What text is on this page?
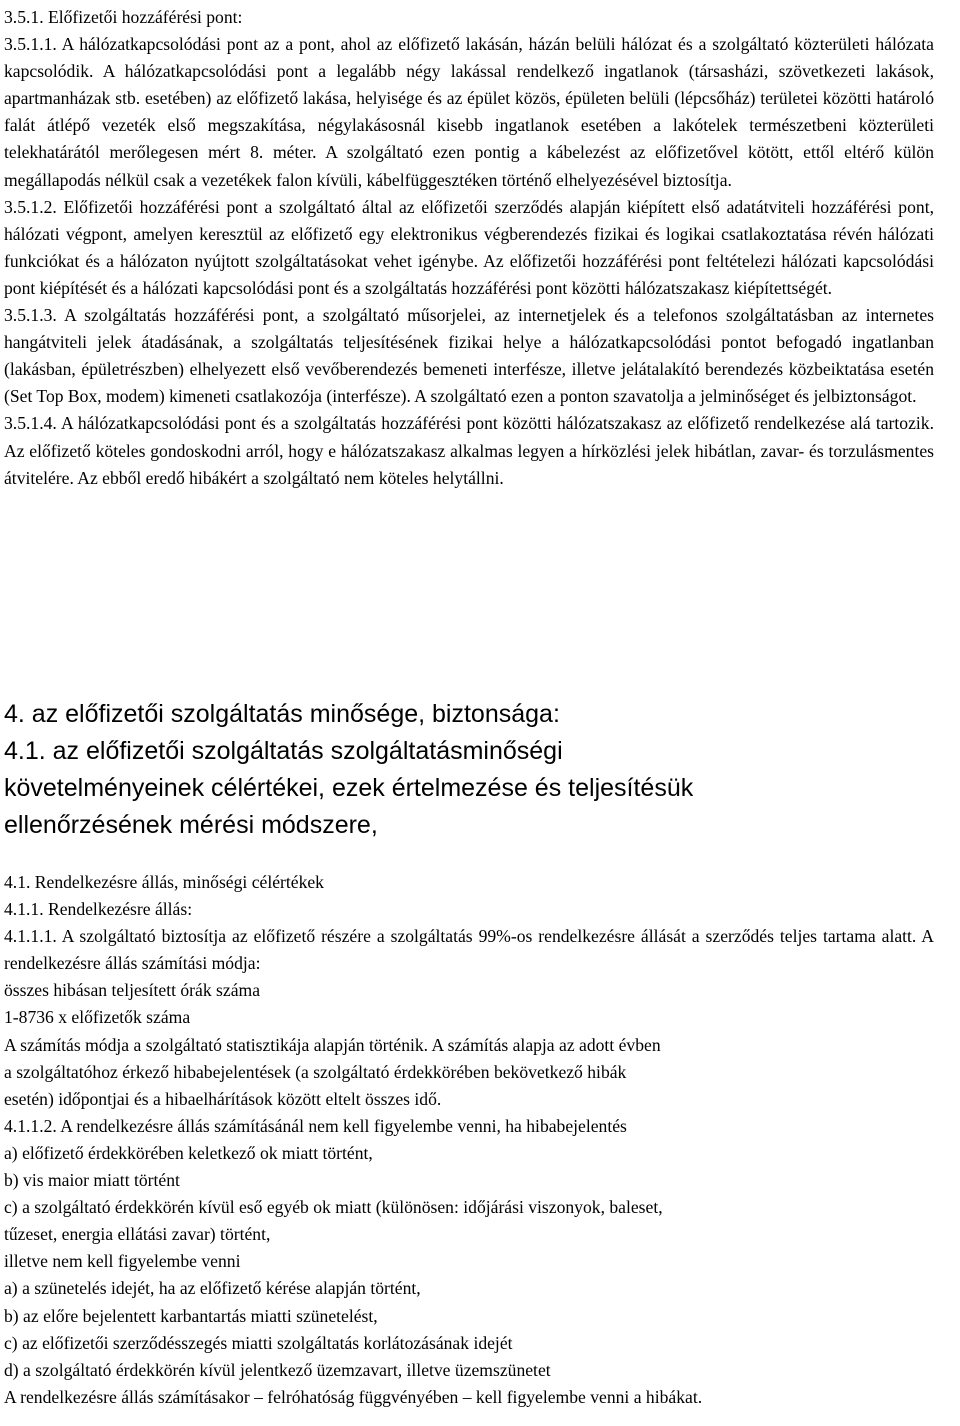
3.5.1. Előfizetői hozzáférési pont:

3.5.1.1. A hálózatkapcsolódási pont az a pont, ahol az előfizető lakásán, házán belüli hálózat és a szolgáltató közterületi hálózata kapcsolódik. A hálózatkapcsolódási pont a legalább négy lakással rendelkező ingatlanok (társasházi, szövetkezeti lakások, apartmanházak stb. esetében) az előfizető lakása, helyisége és az épület közös, épületen belüli (lépcsőház) területei közötti határoló falát átlépő vezeték első megszakítása, négylakásosnál kisebb ingatlanok esetében a lakótelek természetbeni közterületi telekhatárától merőlegesen mért 8. méter. A szolgáltató ezen pontig a kábelezést az előfizetővel kötött, ettől eltérő külön megállapodás nélkül csak a vezetékek falon kívüli, kábelfüggesztéken történő elhelyezésével biztosítja.

3.5.1.2. Előfizetői hozzáférési pont a szolgáltató által az előfizetői szerződés alapján kiépített első adatátviteli hozzáférési pont, hálózati végpont, amelyen keresztül az előfizető egy elektronikus végberendezés fizikai és logikai csatlakoztatása révén hálózati funkciókat és a hálózaton nyújtott szolgáltatásokat vehet igénybe. Az előfizetői hozzáférési pont feltételezi hálózati kapcsolódási pont kiépítését és a hálózati kapcsolódási pont és a szolgáltatás hozzáférési pont közötti hálózatszakasz kiépítettségét.

3.5.1.3. A szolgáltatás hozzáférési pont, a szolgáltató műsorjelei, az internetjelek és a telefonos szolgáltatásban az internetes hangátviteli jelek átadásának, a szolgáltatás teljesítésének fizikai helye a hálózatkapcsolódási pontot befogadó ingatlanban (lakásban, épületrészben) elhelyezett első vevőberendezés bemeneti interfésze, illetve jelátalakító berendezés közbeiktatása esetén (Set Top Box, modem) kimeneti csatlakozója (interfésze). A szolgáltató ezen a ponton szavatolja a jelminőséget és jelbiztonságot.

3.5.1.4. A hálózatkapcsolódási pont és a szolgáltatás hozzáférési pont közötti hálózatszakasz az előfizető rendelkezése alá tartozik. Az előfizető köteles gondoskodni arról, hogy e hálózatszakasz alkalmas legyen a hírközlési jelek hibátlan, zavar- és torzulásmentes átvitelére. Az ebből eredő hibákért a szolgáltató nem köteles helytállni.

4. az előfizetői szolgáltatás minősége, biztonsága:
4.1. az előfizetői szolgáltatás szolgáltatásminőségi
követelményeinek célértékei, ezek értelmezése és teljesítésük
ellenőrzésének mérési módszere,

4.1. Rendelkezésre állás, minőségi célértékek

4.1.1. Rendelkezésre állás:

4.1.1.1. A szolgáltató biztosítja az előfizető részére a szolgáltatás 99%-os rendelkezésre állását a szerződés teljes tartama alatt. A rendelkezésre állás számítási módja:

összes hibásan teljesített órák száma

1-8736 x előfizetők száma

A számítás módja a szolgáltató statisztikája alapján történik. A számítás alapja az adott évben

a szolgáltatóhoz érkező hibabejelentések (a szolgáltató érdekkörében bekövetkező hibák

esetén) időpontjai és a hibaelhárítások között eltelt összes idő.

4.1.1.2. A rendelkezésre állás számításánál nem kell figyelembe venni, ha hibabejelentés

a) előfizető érdekkörében keletkező ok miatt történt,

b) vis maior miatt történt

c) a szolgáltató érdekkörén kívül eső egyéb ok miatt (különösen: időjárási viszonyok, baleset,

tűzeset, energia ellátási zavar) történt,

illetve nem kell figyelembe venni

a) a szünetelés idejét, ha az előfizető kérése alapján történt,

b) az előre bejelentett karbantartás miatti szünetelést,

c) az előfizetői szerződésszegés miatti szolgáltatás korlátozásának idejét

d) a szolgáltató érdekkörén kívül jelentkező üzemzavart, illetve üzemszünetet

A rendelkezésre állás számításakor – felróhatóság függvényében – kell figyelembe venni a hibákat.
